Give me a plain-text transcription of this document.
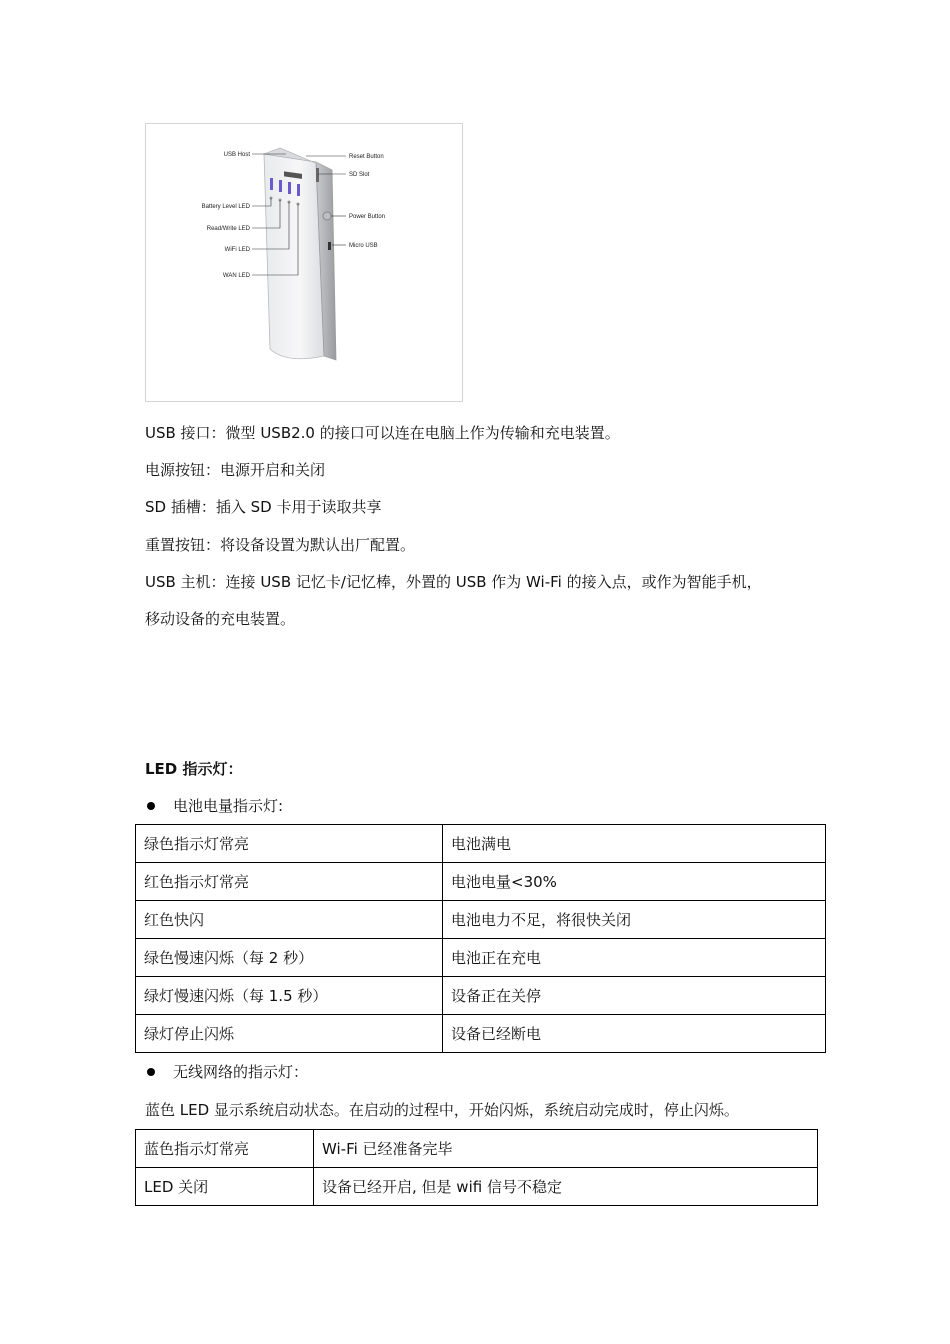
USB Host	Reset Button
SD Slot
Battery Level LED
Read/Write LED
WiFi LED
WAN LED
Power Button
Micro USB
USB 接口：微型 USB2.0 的接口可以连在电脑上作为传输和充电装置。
电源按钮：电源开启和关闭
SD 插槽：插入 SD 卡用于读取共享
重置按钮：将设备设置为默认出厂配置。
USB 主机：连接 USB 记忆卡/记忆棒，外置的 USB 作为 Wi-Fi 的接入点，或作为智能手机，
移动设备的充电装置。
LED 指示灯：
电池电量指示灯:
绿色指示灯常亮	电池满电
红色指示灯常亮	电池电量<30%
红色快闪	电池电力不足，将很快关闭
绿色慢速闪烁（每 2 秒）	电池正在充电
绿灯慢速闪烁（每 1.5 秒）	设备正在关停
绿灯停止闪烁	设备已经断电
无线网络的指示灯：
蓝色 LED 显示系统启动状态。在启动的过程中，开始闪烁，系统启动完成时，停止闪烁。
蓝色指示灯常亮	Wi-Fi 已经准备完毕
LED 关闭	设备已经开启, 但是 wifi 信号不稳定
